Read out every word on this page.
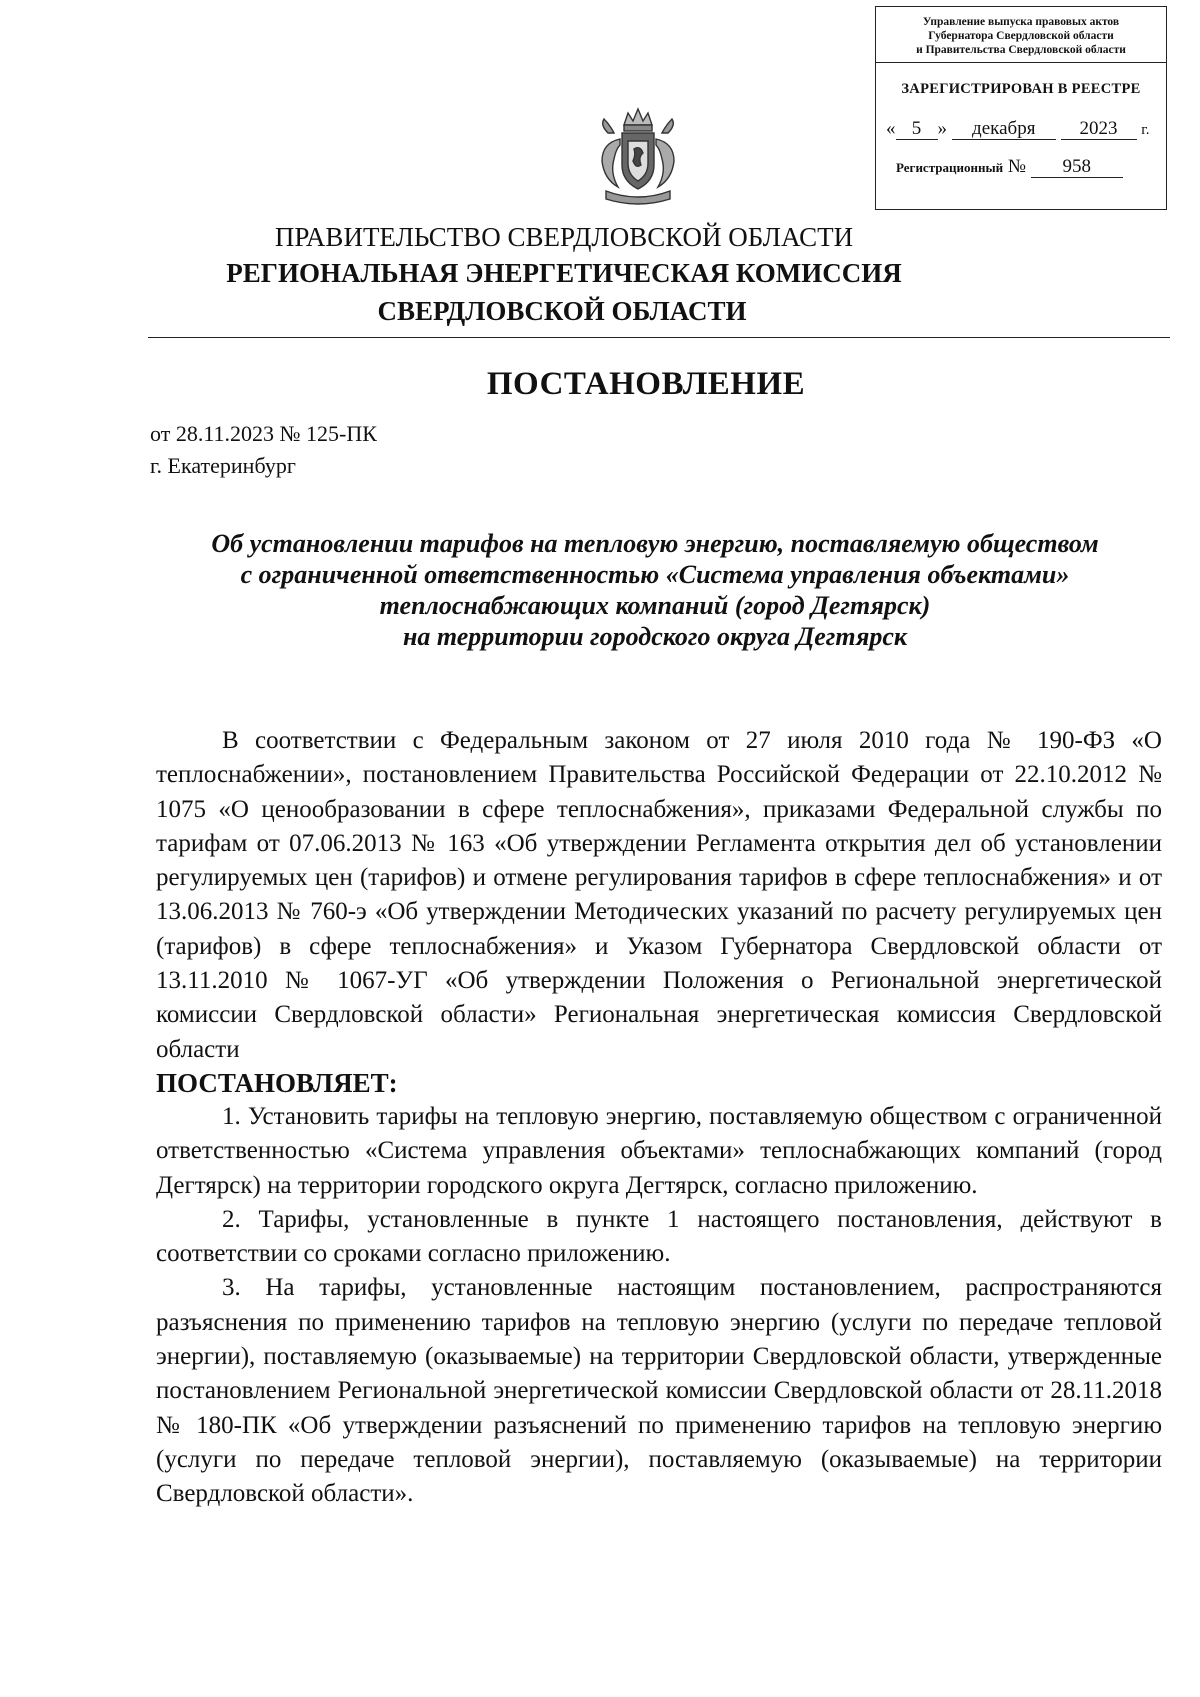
Управление выпуска правовых актов
Губернатора Свердловской области
и Правительства Свердловской области
ЗАРЕГИСТРИРОВАН В РЕЕСТРЕ
« 5 » декабря 2023 г.
Регистрационный № 958
ПРАВИТЕЛЬСТВО СВЕРДЛОВСКОЙ ОБЛАСТИ
РЕГИОНАЛЬНАЯ ЭНЕРГЕТИЧЕСКАЯ КОМИССИЯ
СВЕРДЛОВСКОЙ ОБЛАСТИ
ПОСТАНОВЛЕНИЕ
от 28.11.2023 № 125-ПК
г. Екатеринбург
Об установлении тарифов на тепловую энергию, поставляемую обществом
с ограниченной ответственностью «Система управления объектами»
теплоснабжающих компаний (город Дегтярск)
на территории городского округа Дегтярск

В соответствии с Федеральным законом от 27 июля 2010 года № 190-ФЗ «О теплоснабжении», постановлением Правительства Российской Федерации от 22.10.2012 № 1075 «О ценообразовании в сфере теплоснабжения», приказами Федеральной службы по тарифам от 07.06.2013 № 163 «Об утверждении Регламента открытия дел об установлении регулируемых цен (тарифов) и отмене регулирования тарифов в сфере теплоснабжения» и от 13.06.2013 № 760-э «Об утверждении Методических указаний по расчету регулируемых цен (тарифов) в сфере теплоснабжения» и Указом Губернатора Свердловской области от 13.11.2010 № 1067-УГ «Об утверждении Положения о Региональной энергетической комиссии Свердловской области» Региональная энергетическая комиссия Свердловской области

ПОСТАНОВЛЯЕТ:

1. Установить тарифы на тепловую энергию, поставляемую обществом с ограниченной ответственностью «Система управления объектами» теплоснабжающих компаний (город Дегтярск) на территории городского округа Дегтярск, согласно приложению.

2. Тарифы, установленные в пункте 1 настоящего постановления, действуют в соответствии со сроками согласно приложению.

3. На тарифы, установленные настоящим постановлением, распространяются разъяснения по применению тарифов на тепловую энергию (услуги по передаче тепловой энергии), поставляемую (оказываемые) на территории Свердловской области, утвержденные постановлением Региональной энергетической комиссии Свердловской области от 28.11.2018 № 180-ПК «Об утверждении разъяснений по применению тарифов на тепловую энергию (услуги по передаче тепловой энергии), поставляемую (оказываемые) на территории Свердловской области».
